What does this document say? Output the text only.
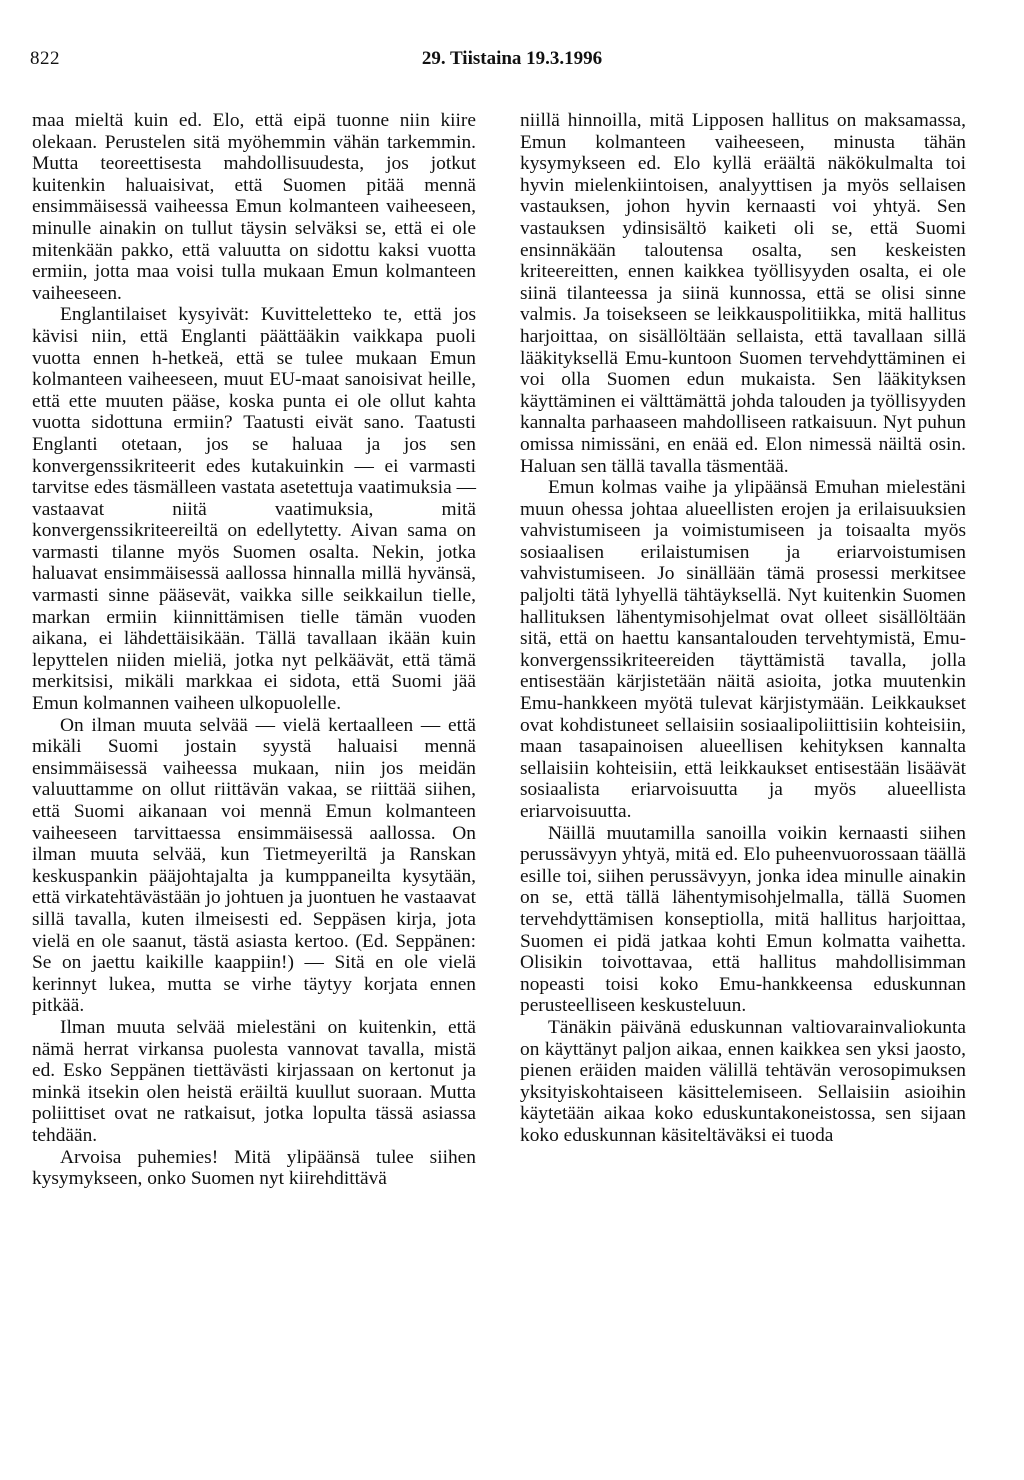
822	29. Tiistaina 19.3.1996

maa mieltä kuin ed. Elo, että eipä tuonne niin kiire olekaan. Perustelen sitä myöhemmin vähän tarkemmin. Mutta teoreettisesta mahdollisuudesta, jos jotkut kuitenkin haluaisivat, että Suomen pitää mennä ensimmäisessä vaiheessa Emun kolmanteen vaiheeseen, minulle ainakin on tullut täysin selväksi se, että ei ole mitenkään pakko, että valuutta on sidottu kaksi vuotta ermiin, jotta maa voisi tulla mukaan Emun kolmanteen vaiheeseen.

Englantilaiset kysyivät: Kuvitteletteko te, että jos kävisi niin, että Englanti päättääkin vaikkapa puoli vuotta ennen h-hetkeä, että se tulee mukaan Emun kolmanteen vaiheeseen, muut EU-maat sanoisivat heille, että ette muuten pääse, koska punta ei ole ollut kahta vuotta sidottuna ermiin? Taatusti eivät sano. Taatusti Englanti otetaan, jos se haluaa ja jos sen konvergenssikriteerit edes kutakuinkin — ei varmasti tarvitse edes täsmälleen vastata asetettuja vaatimuksia — vastaavat niitä vaatimuksia, mitä konvergenssikriteereiltä on edellytetty. Aivan sama on varmasti tilanne myös Suomen osalta. Nekin, jotka haluavat ensimmäisessä aallossa hinnalla millä hyvänsä, varmasti sinne pääsevät, vaikka sille seikkailun tielle, markan ermiin kiinnittämisen tielle tämän vuoden aikana, ei lähdettäisikään. Tällä tavallaan ikään kuin lepyttelen niiden mieliä, jotka nyt pelkäävät, että tämä merkitsisi, mikäli markkaa ei sidota, että Suomi jää Emun kolmannen vaiheen ulkopuolelle.

On ilman muuta selvää — vielä kertaalleen — että mikäli Suomi jostain syystä haluaisi mennä ensimmäisessä vaiheessa mukaan, niin jos meidän valuuttamme on ollut riittävän vakaa, se riittää siihen, että Suomi aikanaan voi mennä Emun kolmanteen vaiheeseen tarvittaessa ensimmäisessä aallossa. On ilman muuta selvää, kun Tietmeyeriltä ja Ranskan keskuspankin pääjohtajalta ja kumppaneilta kysytään, että virkatehtävästään jo johtuen ja juontuen he vastaavat sillä tavalla, kuten ilmeisesti ed. Seppäsen kirja, jota vielä en ole saanut, tästä asiasta kertoo. (Ed. Seppänen: Se on jaettu kaikille kaappiin!) — Sitä en ole vielä kerinnyt lukea, mutta se virhe täytyy korjata ennen pitkää.

Ilman muuta selvää mielestäni on kuitenkin, että nämä herrat virkansa puolesta vannovat tavalla, mistä ed. Esko Seppänen tiettävästi kirjassaan on kertonut ja minkä itsekin olen heistä eräiltä kuullut suoraan. Mutta poliittiset ovat ne ratkaisut, jotka lopulta tässä asiassa tehdään.

Arvoisa puhemies! Mitä ylipäänsä tulee siihen kysymykseen, onko Suomen nyt kiirehdittävä

niillä hinnoilla, mitä Lipposen hallitus on maksamassa, Emun kolmanteen vaiheeseen, minusta tähän kysymykseen ed. Elo kyllä eräältä näkökulmalta toi hyvin mielenkiintoisen, analyyttisen ja myös sellaisen vastauksen, johon hyvin kernaasti voi yhtyä. Sen vastauksen ydinsisältö kaiketi oli se, että Suomi ensinnäkään taloutensa osalta, sen keskeisten kriteereitten, ennen kaikkea työllisyyden osalta, ei ole siinä tilanteessa ja siinä kunnossa, että se olisi sinne valmis. Ja toisekseen se leikkauspolitiikka, mitä hallitus harjoittaa, on sisällöltään sellaista, että tavallaan sillä lääkityksellä Emu-kuntoon Suomen tervehdyttäminen ei voi olla Suomen edun mukaista. Sen lääkityksen käyttäminen ei välttämättä johda talouden ja työllisyyden kannalta parhaaseen mahdolliseen ratkaisuun. Nyt puhun omissa nimissäni, en enää ed. Elon nimessä näiltä osin. Haluan sen tällä tavalla täsmentää.

Emun kolmas vaihe ja ylipäänsä Emuhan mielestäni muun ohessa johtaa alueellisten erojen ja erilaisuuksien vahvistumiseen ja voimistumiseen ja toisaalta myös sosiaalisen erilaistumisen ja eriarvoistumisen vahvistumiseen. Jo sinällään tämä prosessi merkitsee paljolti tätä lyhyellä tähtäyksellä. Nyt kuitenkin Suomen hallituksen lähentymisohjelmat ovat olleet sisällöltään sitä, että on haettu kansantalouden tervehtymistä, Emu-konvergenssikriteereiden täyttämistä tavalla, jolla entisestään kärjistetään näitä asioita, jotka muutenkin Emu-hankkeen myötä tulevat kärjistymään. Leikkaukset ovat kohdistuneet sellaisiin sosiaalipoliittisiin kohteisiin, maan tasapainoisen alueellisen kehityksen kannalta sellaisiin kohteisiin, että leikkaukset entisestään lisäävät sosiaalista eriarvoisuutta ja myös alueellista eriarvoisuutta.

Näillä muutamilla sanoilla voikin kernaasti siihen perussävyyn yhtyä, mitä ed. Elo puheenvuorossaan täällä esille toi, siihen perussävyyn, jonka idea minulle ainakin on se, että tällä lähentymisohjelmalla, tällä Suomen tervehdyttämisen konseptiolla, mitä hallitus harjoittaa, Suomen ei pidä jatkaa kohti Emun kolmatta vaihetta. Olisikin toivottavaa, että hallitus mahdollisimman nopeasti toisi koko Emu-hankkeensa eduskunnan perusteelliseen keskusteluun.

Tänäkin päivänä eduskunnan valtiovarainvaliokunta on käyttänyt paljon aikaa, ennen kaikkea sen yksi jaosto, pienen eräiden maiden välillä tehtävän verosopimuksen yksityiskohtaiseen käsittelemiseen. Sellaisiin asioihin käytetään aikaa koko eduskuntakoneistossa, sen sijaan koko eduskunnan käsiteltäväksi ei tuoda
